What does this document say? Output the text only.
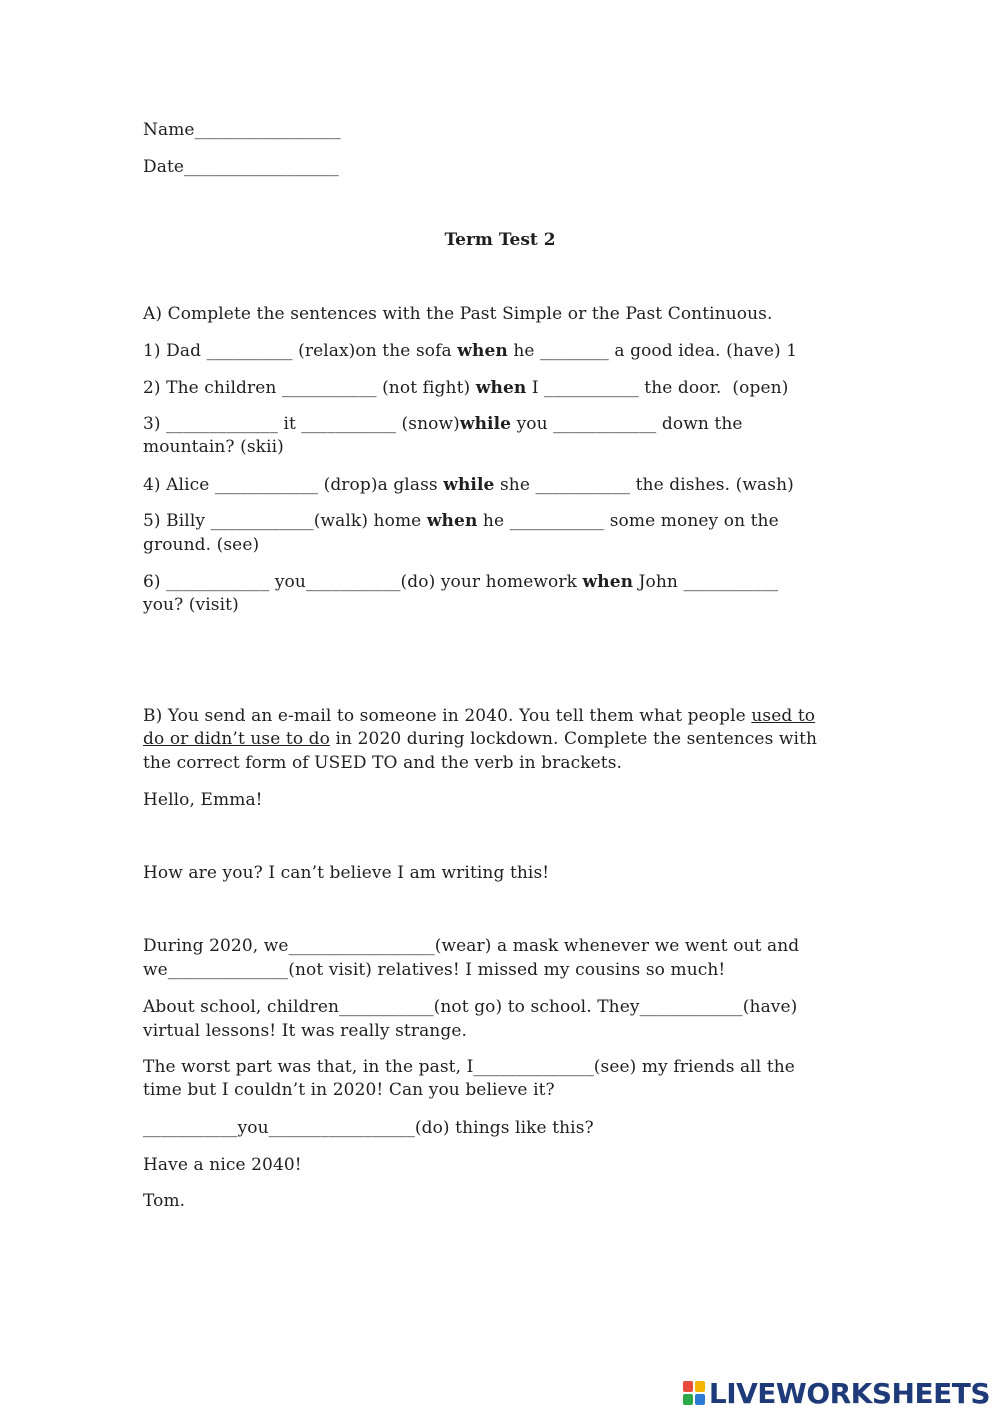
Name_________________
Date__________________
Term Test 2
A) Complete the sentences with the Past Simple or the Past Continuous.
1) Dad __________ (relax)on the sofa when he ________ a good idea. (have) 1
2) The children ___________ (not fight) when I ___________ the door.  (open)
3) _____________ it ___________ (snow)while you ____________ down the
mountain? (skii)
4) Alice ____________ (drop)a glass while she ___________ the dishes. (wash)
5) Billy ____________(walk) home when he ___________ some money on the
ground. (see)
6) ____________ you___________(do) your homework when John ___________
you? (visit)
B) You send an e-mail to someone in 2040. You tell them what people used to
do or didn’t use to do in 2020 during lockdown. Complete the sentences with
the correct form of USED TO and the verb in brackets.
Hello, Emma!
How are you? I can’t believe I am writing this!
During 2020, we_________________(wear) a mask whenever we went out and
we______________(not visit) relatives! I missed my cousins so much!
About school, children___________(not go) to school. They____________(have)
virtual lessons! It was really strange.
The worst part was that, in the past, I______________(see) my friends all the
time but I couldn’t in 2020! Can you believe it?
___________you_________________(do) things like this?
Have a nice 2040!
Tom.
LIVEWORKSHEETS
